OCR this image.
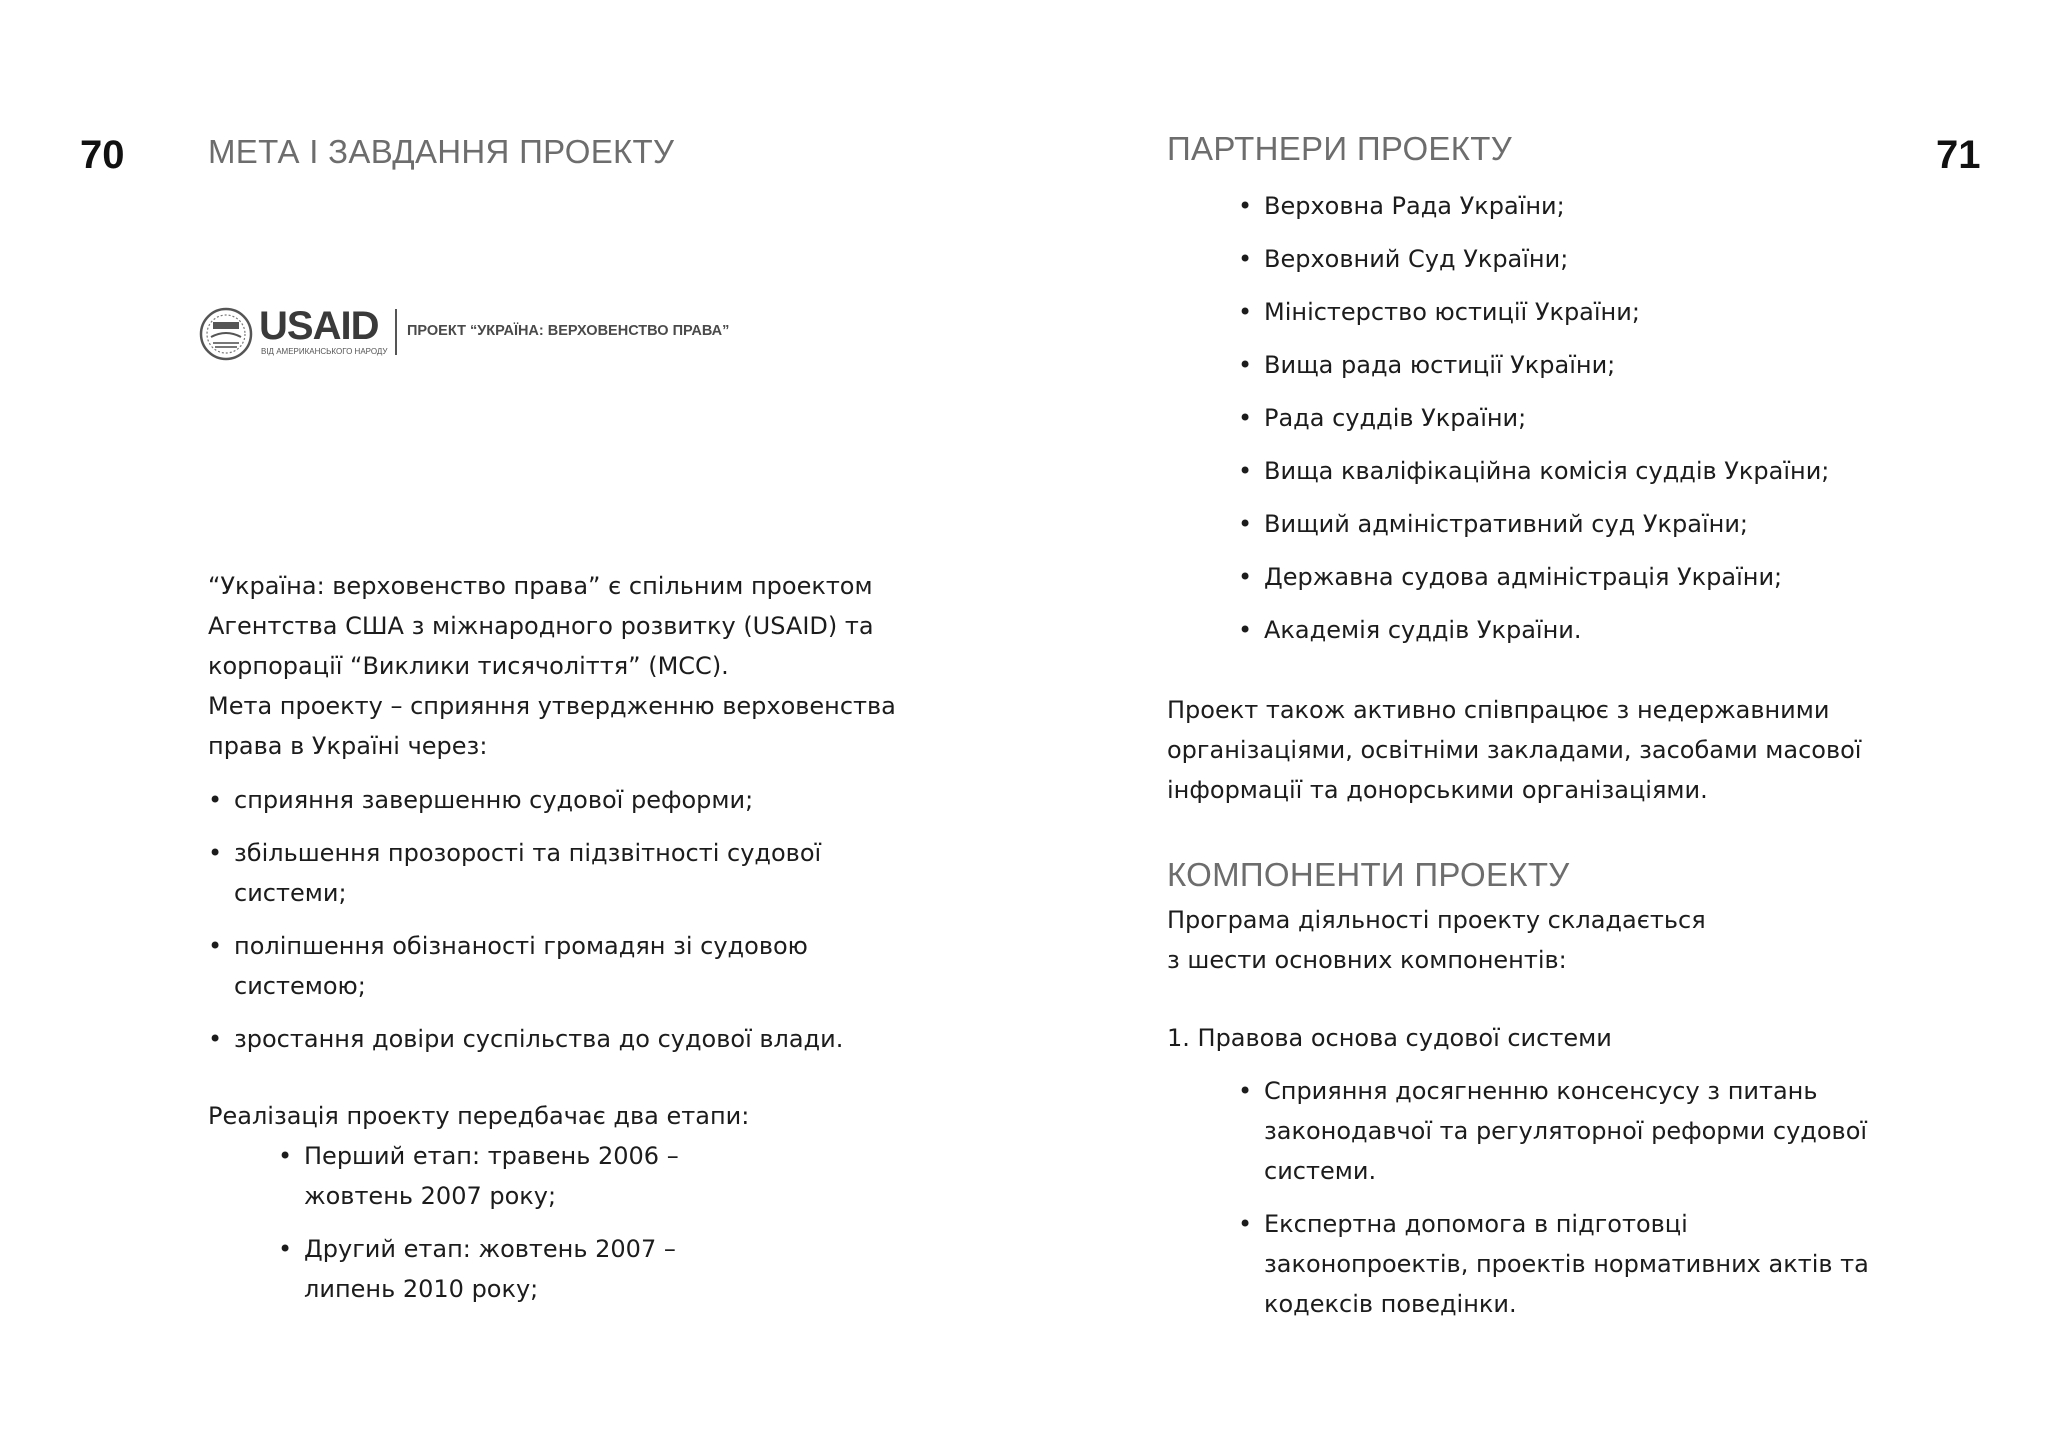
70	МЕТА І ЗАВДАННЯ ПРОЕКТУ
USAID
ВІД АМЕРИКАНСЬКОГО НАРОДУ
ПРОЕКТ “УКРАЇНА: ВЕРХОВЕНСТВО ПРАВА”
“Україна: верховенство права” є спільним проектом
Агентства США з міжнародного розвитку (USAID) та
корпорації “Виклики тисячоліття” (МСС).
Мета проекту – сприяння утвердженню верховенства
права в Україні через:
• сприяння завершенню судової реформи;
• збільшення прозорості та підзвітності судової
системи;
• поліпшення обізнаності громадян зі судовою
системою;
• зростання довіри суспільства до судової влади.
Реалізація проекту передбачає два етапи:
• Перший етап: травень 2006 –
жовтень 2007 року;
• Другий етап: жовтень 2007 –
липень 2010 року;
71
ПАРТНЕРИ ПРОЕКТУ
• Верховна Рада України;
• Верховний Суд України;
• Міністерство юстиції України;
• Вища рада юстиції України;
• Рада суддів України;
• Вища кваліфікаційна комісія суддів України;
• Вищий адміністративний суд України;
• Державна судова адміністрація України;
• Академія суддів України.
Проект також активно співпрацює з недержавними
організаціями, освітніми закладами, засобами масової
інформації та донорськими організаціями.
КОМПОНЕНТИ ПРОЕКТУ
Програма діяльності проекту складається
з шести основних компонентів:
1. Правова основа судової системи
• Сприяння досягненню консенсусу з питань
законодавчої та регуляторної реформи судової
системи.
• Експертна допомога в підготовці
законопроектів, проектів нормативних актів та
кодексів поведінки.
